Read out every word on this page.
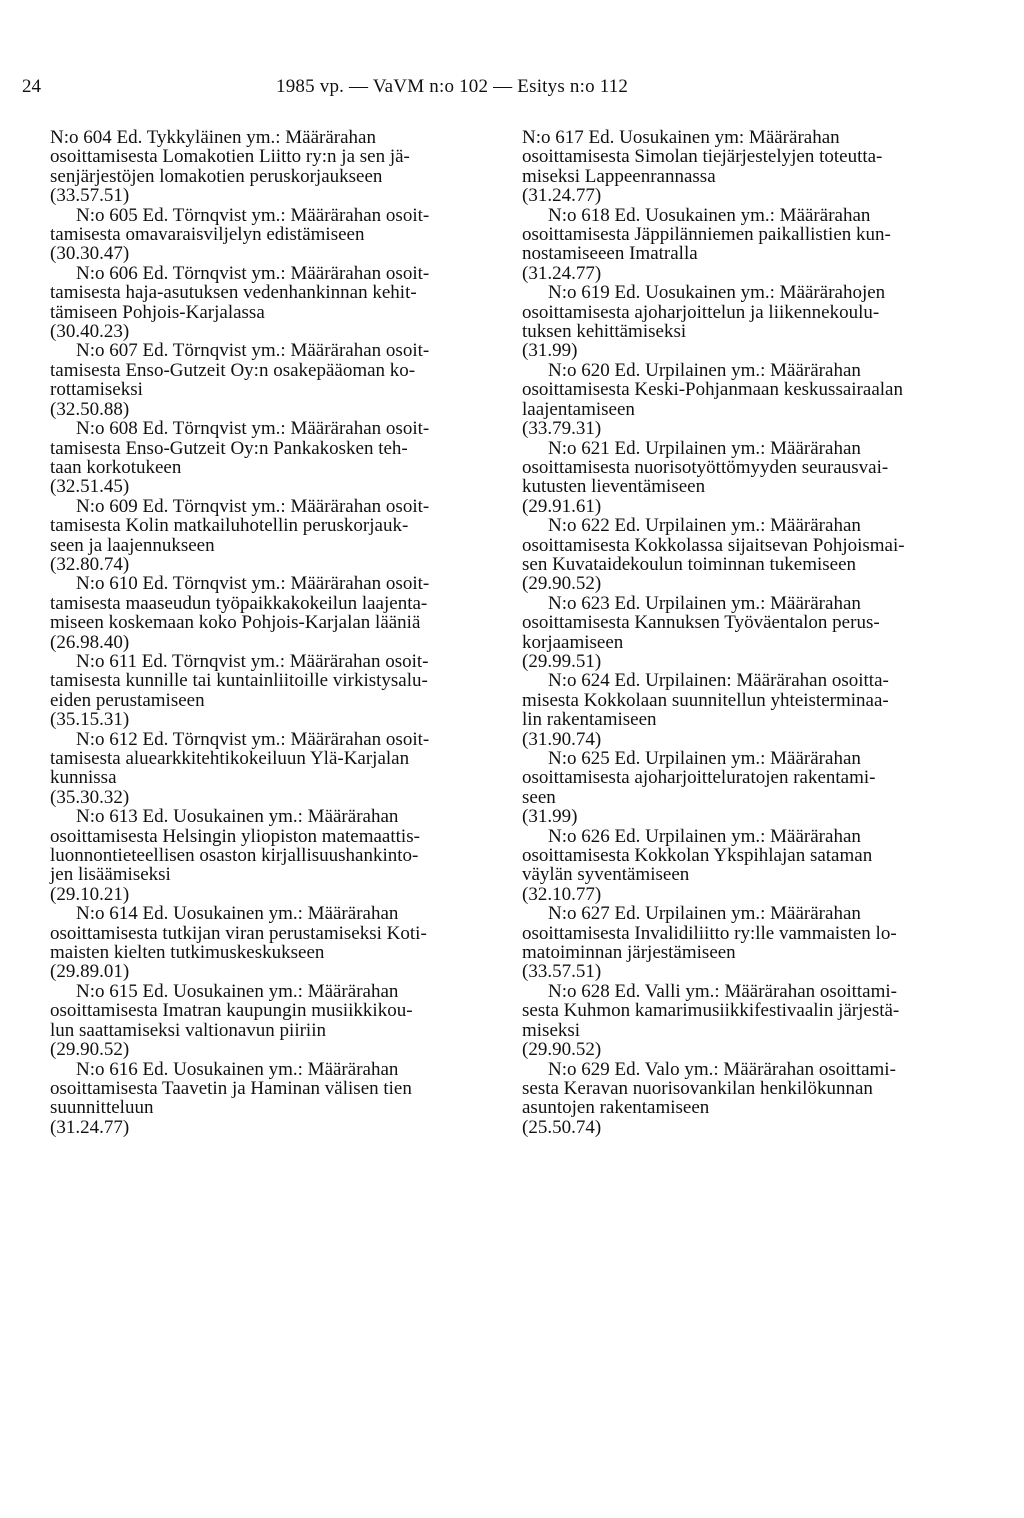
24	1985 vp. — VaVM n:o 102 — Esitys n:o 112
N:o 604 Ed. Tykkyläinen ym.: Määrärahan
osoittamisesta Lomakotien Liitto ry:n ja sen jä-
senjärjestöjen lomakotien peruskorjaukseen
(33.57.51)
N:o 605 Ed. Törnqvist ym.: Määrärahan osoit-
tamisesta omavaraisviljelyn edistämiseen
(30.30.47)
N:o 606 Ed. Törnqvist ym.: Määrärahan osoit-
tamisesta haja-asutuksen vedenhankinnan kehit-
tämiseen Pohjois-Karjalassa
(30.40.23)
N:o 607 Ed. Törnqvist ym.: Määrärahan osoit-
tamisesta Enso-Gutzeit Oy:n osakepääoman ko-
rottamiseksi
(32.50.88)
N:o 608 Ed. Törnqvist ym.: Määrärahan osoit-
tamisesta Enso-Gutzeit Oy:n Pankakosken teh-
taan korkotukeen
(32.51.45)
N:o 609 Ed. Törnqvist ym.: Määrärahan osoit-
tamisesta Kolin matkailuhotellin peruskorjauk-
seen ja laajennukseen
(32.80.74)
N:o 610 Ed. Törnqvist ym.: Määrärahan osoit-
tamisesta maaseudun työpaikkakokeilun laajenta-
miseen koskemaan koko Pohjois-Karjalan lääniä
(26.98.40)
N:o 611 Ed. Törnqvist ym.: Määrärahan osoit-
tamisesta kunnille tai kuntainliitoille virkistysalu-
eiden perustamiseen
(35.15.31)
N:o 612 Ed. Törnqvist ym.: Määrärahan osoit-
tamisesta aluearkkitehtikokeiluun Ylä-Karjalan
kunnissa
(35.30.32)
N:o 613 Ed. Uosukainen ym.: Määrärahan
osoittamisesta Helsingin yliopiston matemaattis-
luonnontieteellisen osaston kirjallisuushankinto-
jen lisäämiseksi
(29.10.21)
N:o 614 Ed. Uosukainen ym.: Määrärahan
osoittamisesta tutkijan viran perustamiseksi Koti-
maisten kielten tutkimuskeskukseen
(29.89.01)
N:o 615 Ed. Uosukainen ym.: Määrärahan
osoittamisesta Imatran kaupungin musiikkikou-
lun saattamiseksi valtionavun piiriin
(29.90.52)
N:o 616 Ed. Uosukainen ym.: Määrärahan
osoittamisesta Taavetin ja Haminan välisen tien
suunnitteluun
(31.24.77)
N:o 617 Ed. Uosukainen ym: Määrärahan
osoittamisesta Simolan tiejärjestelyjen toteutta-
miseksi Lappeenrannassa
(31.24.77)
N:o 618 Ed. Uosukainen ym.: Määrärahan
osoittamisesta Jäppilänniemen paikallistien kun-
nostamiseeen Imatralla
(31.24.77)
N:o 619 Ed. Uosukainen ym.: Määrärahojen
osoittamisesta ajoharjoittelun ja liikennekoulu-
tuksen kehittämiseksi
(31.99)
N:o 620 Ed. Urpilainen ym.: Määrärahan
osoittamisesta Keski-Pohjanmaan keskussairaalan
laajentamiseen
(33.79.31)
N:o 621 Ed. Urpilainen ym.: Määrärahan
osoittamisesta nuorisotyöttömyyden seurausvai-
kutusten lieventämiseen
(29.91.61)
N:o 622 Ed. Urpilainen ym.: Määrärahan
osoittamisesta Kokkolassa sijaitsevan Pohjoismai-
sen Kuvataidekoulun toiminnan tukemiseen
(29.90.52)
N:o 623 Ed. Urpilainen ym.: Määrärahan
osoittamisesta Kannuksen Työväentalon perus-
korjaamiseen
(29.99.51)
N:o 624 Ed. Urpilainen: Määrärahan osoitta-
misesta Kokkolaan suunnitellun yhteisterminaa-
lin rakentamiseen
(31.90.74)
N:o 625 Ed. Urpilainen ym.: Määrärahan
osoittamisesta ajoharjoitteluratojen rakentami-
seen
(31.99)
N:o 626 Ed. Urpilainen ym.: Määrärahan
osoittamisesta Kokkolan Ykspihlajan sataman
väylän syventämiseen
(32.10.77)
N:o 627 Ed. Urpilainen ym.: Määrärahan
osoittamisesta Invalidiliitto ry:lle vammaisten lo-
matoiminnan järjestämiseen
(33.57.51)
N:o 628 Ed. Valli ym.: Määrärahan osoittami-
sesta Kuhmon kamarimusiikkifestivaalin järjestä-
miseksi
(29.90.52)
N:o 629 Ed. Valo ym.: Määrärahan osoittami-
sesta Keravan nuorisovankilan henkilökunnan
asuntojen rakentamiseen
(25.50.74)
